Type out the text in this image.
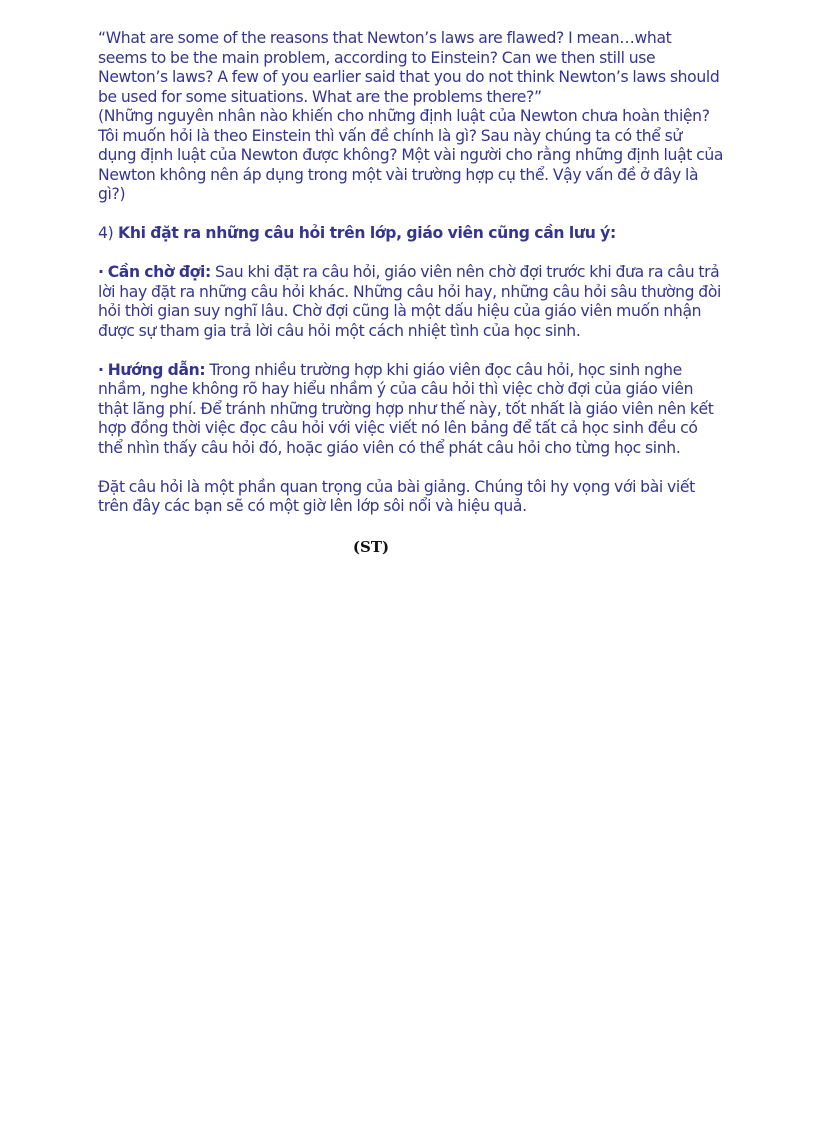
“What are some of the reasons that Newton’s laws are flawed? I mean…what seems to be the main problem, according to Einstein? Can we then still use Newton’s laws? A few of you earlier said that you do not think Newton’s laws should be used for some situations. What are the problems there?”

(Những nguyên nhân nào khiến cho những định luật của Newton chưa hoàn thiện? Tôi muốn hỏi là theo Einstein thì vấn đề chính là gì? Sau này chúng ta có thể sử dụng định luật của Newton được không? Một vài người cho rằng những định luật của Newton không nên áp dụng trong một vài trường hợp cụ thể. Vậy vấn đề ở đây là gì?)

4) Khi đặt ra những câu hỏi trên lớp, giáo viên cũng cần lưu ý:

· Cần chờ đợi: Sau khi đặt ra câu hỏi, giáo viên nên chờ đợi trước khi đưa ra câu trả lời hay đặt ra những câu hỏi khác. Những câu hỏi hay, những câu hỏi sâu thường đòi hỏi thời gian suy nghĩ lâu. Chờ đợi cũng là một dấu hiệu của giáo viên muốn nhận được sự tham gia trả lời câu hỏi một cách nhiệt tình của học sinh.

· Hướng dẫn: Trong nhiều trường hợp khi giáo viên đọc câu hỏi, học sinh nghe nhầm, nghe không rõ hay hiểu nhầm ý của câu hỏi thì việc chờ đợi của giáo viên thật lãng phí. Để tránh những trường hợp như thế này, tốt nhất là giáo viên nên kết hợp đồng thời việc đọc câu hỏi với việc viết nó lên bảng để tất cả học sinh đều có thể nhìn thấy câu hỏi đó, hoặc giáo viên có thể phát câu hỏi cho từng học sinh.

Đặt câu hỏi là một phần quan trọng của bài giảng. Chúng tôi hy vọng với bài viết trên đây các bạn sẽ có một giờ lên lớp sôi nổi và hiệu quả.

(ST)
